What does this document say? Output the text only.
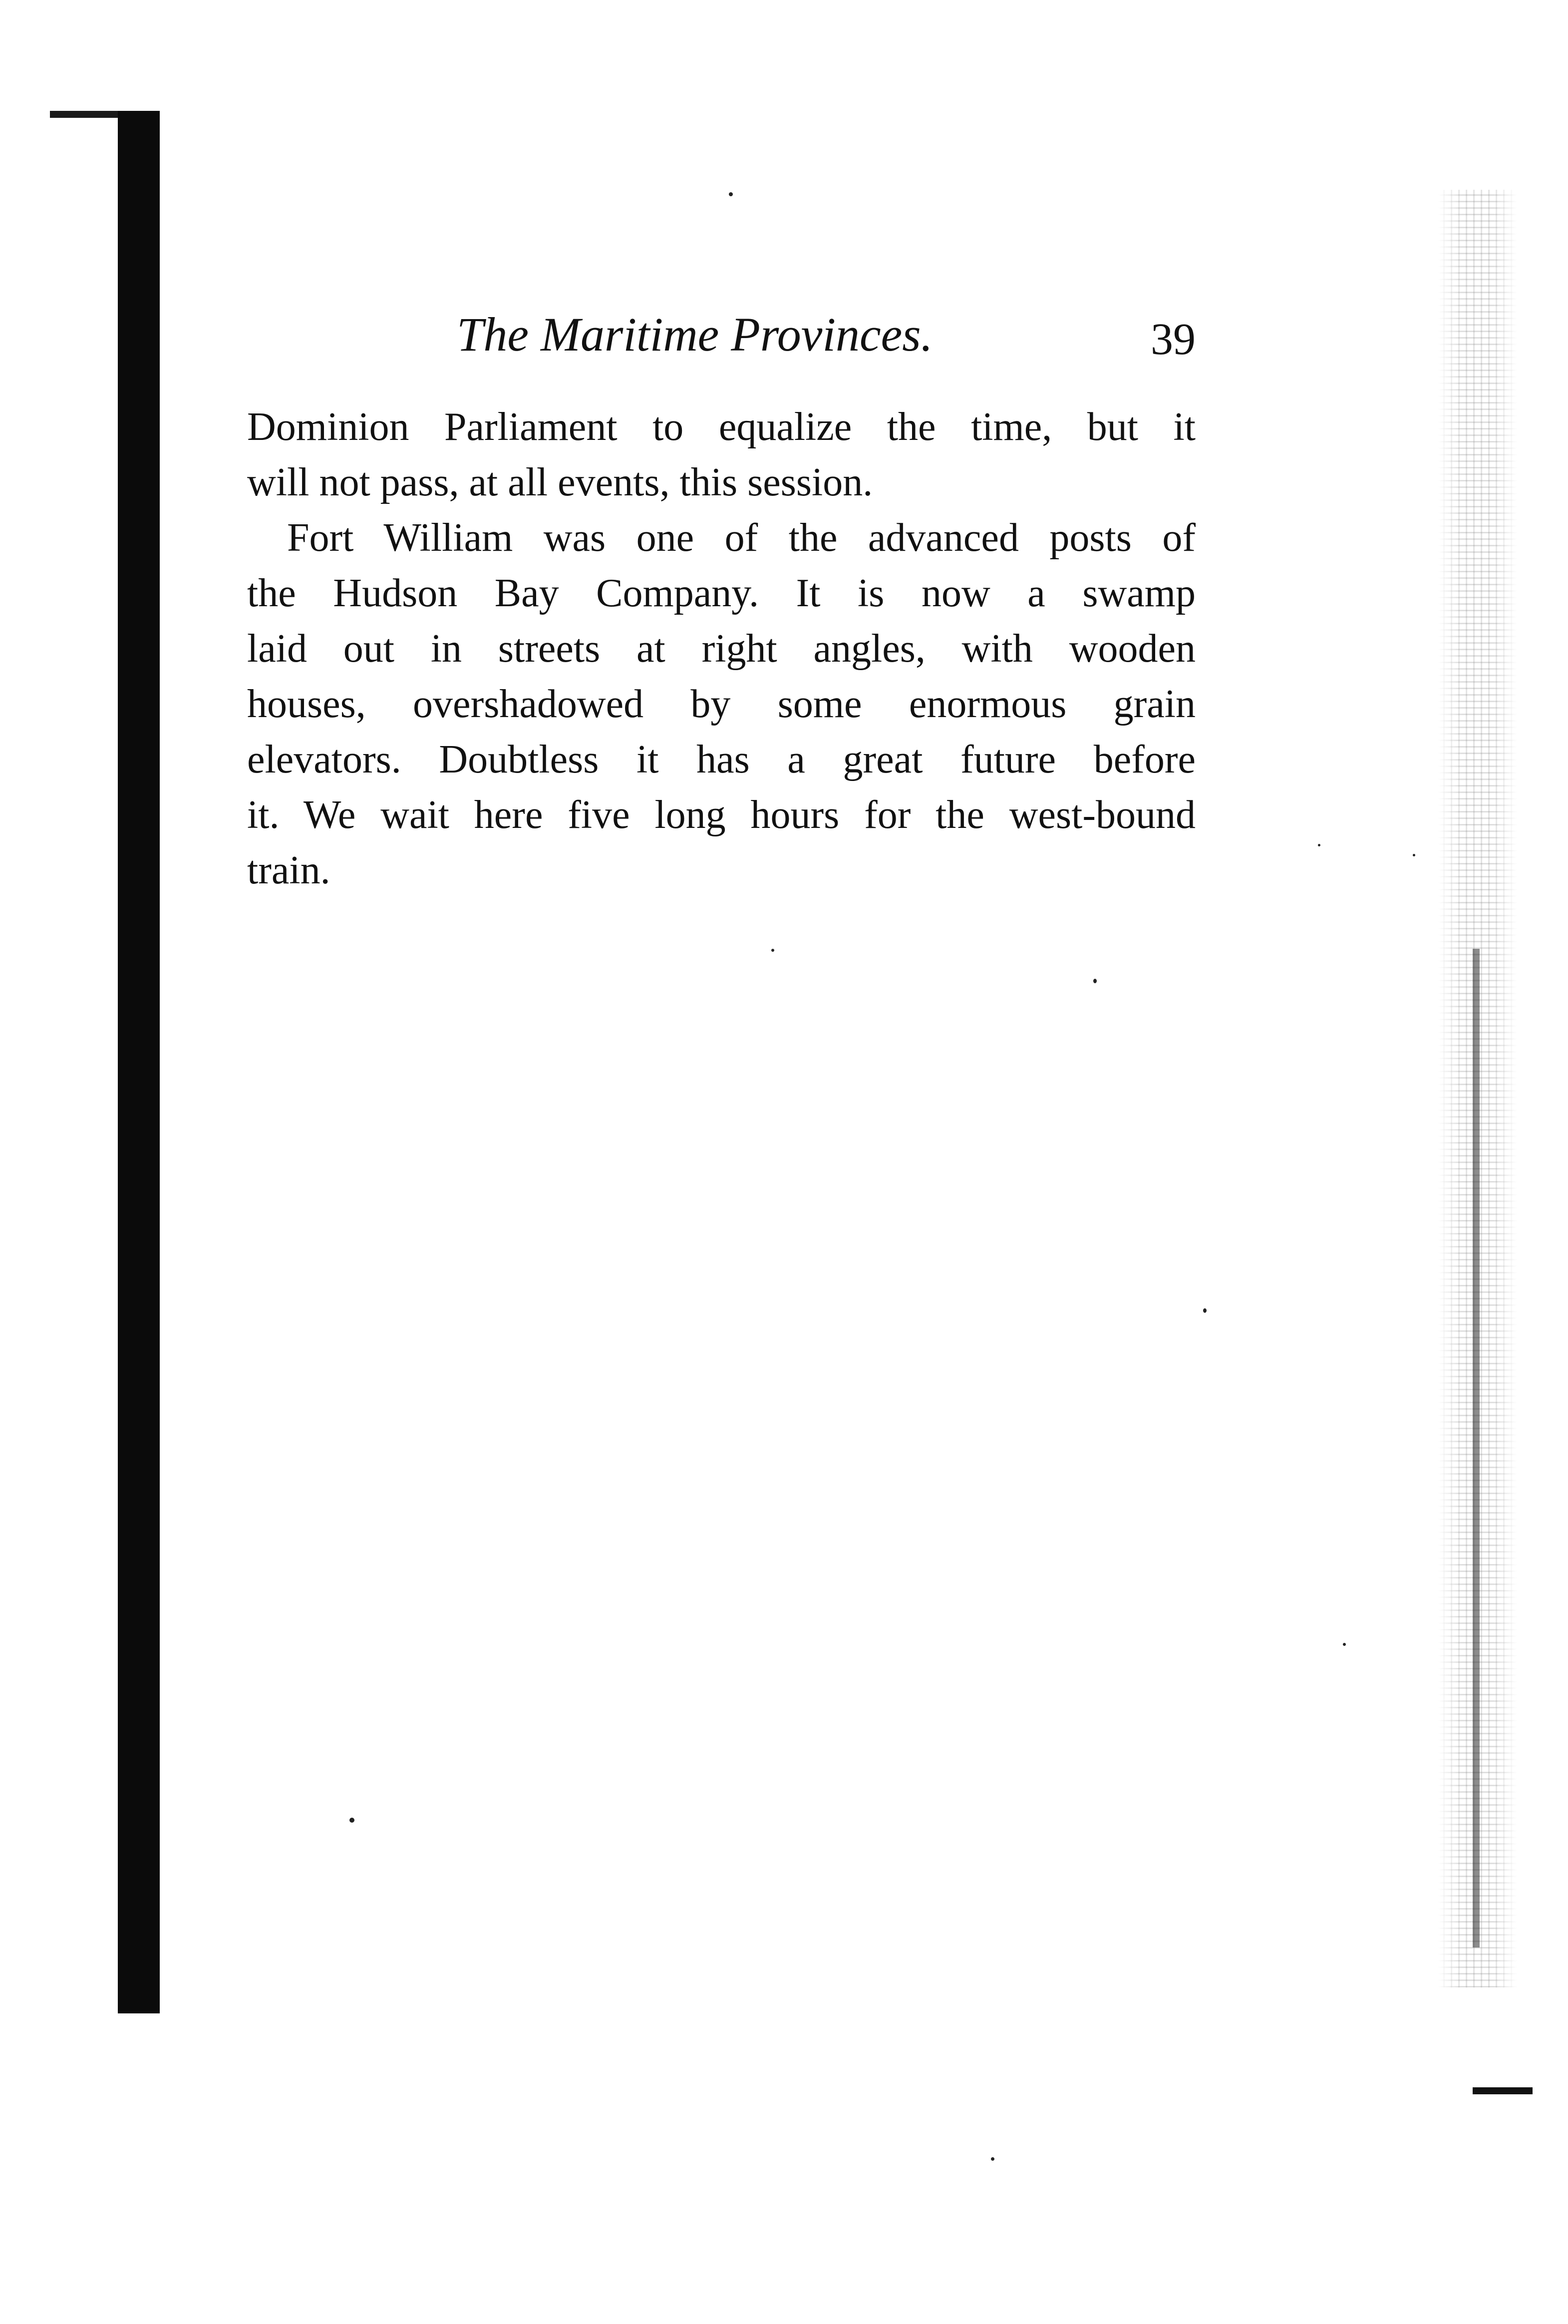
The Maritime Provinces.	39
Dominion Parliament to equalize the time, but it
will not pass, at all events, this session.
Fort William was one of the advanced posts of
the Hudson Bay Company. It is now a swamp
laid out in streets at right angles, with wooden
houses, overshadowed by some enormous grain
elevators. Doubtless it has a great future before
it. We wait here five long hours for the west-bound
train.
